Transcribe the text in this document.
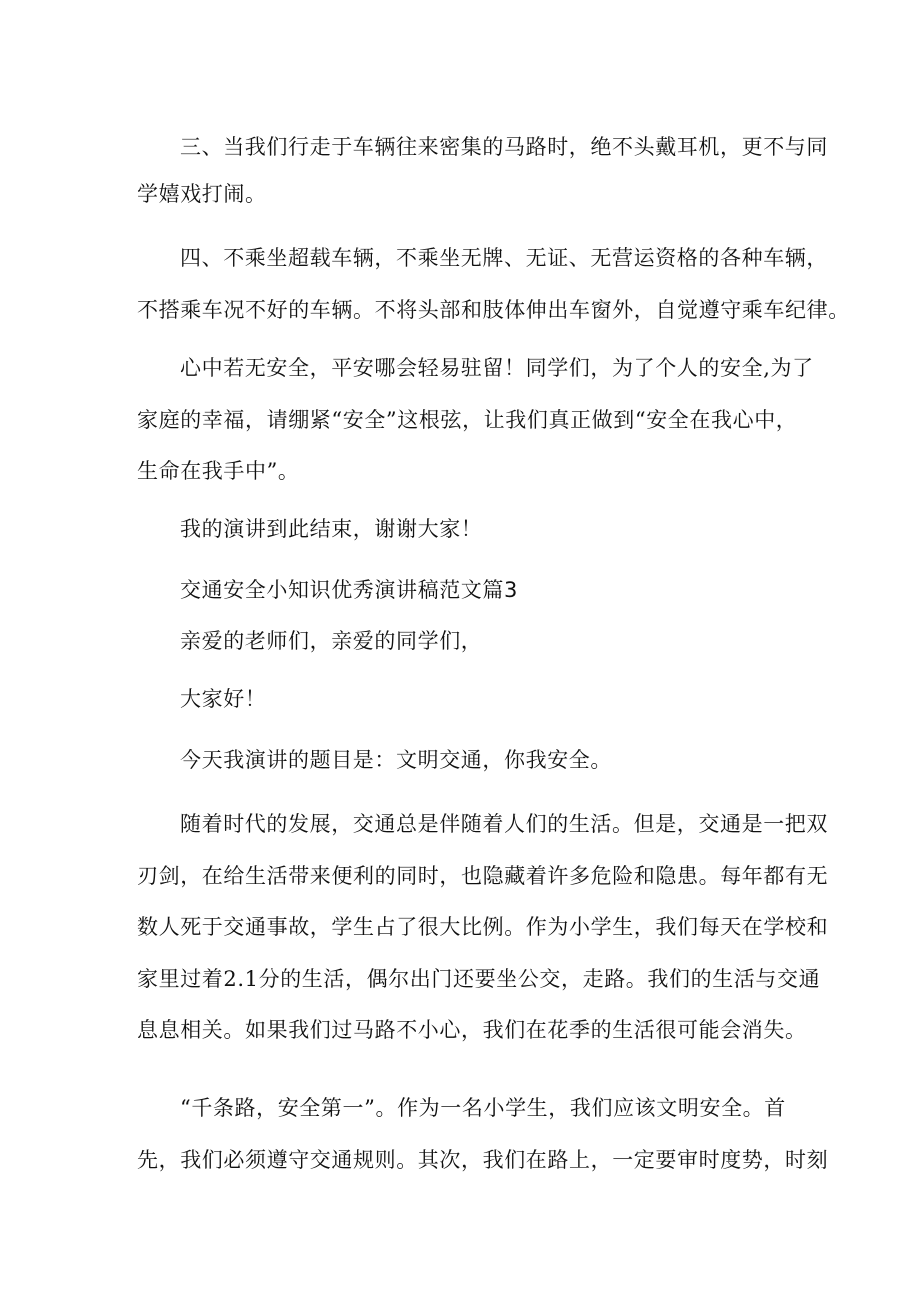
三、当我们行走于车辆往来密集的马路时，绝不头戴耳机，更不与同

学嬉戏打闹。

四、不乘坐超载车辆，不乘坐无牌、无证、无营运资格的各种车辆，

不搭乘车况不好的车辆。不将头部和肢体伸出车窗外，自觉遵守乘车纪律。

心中若无安全，平安哪会轻易驻留！同学们，为了个人的安全,为了

家庭的幸福，请绷紧“安全”这根弦，让我们真正做到“安全在我心中，

生命在我手中”。

我的演讲到此结束，谢谢大家！

交通安全小知识优秀演讲稿范文篇3

亲爱的老师们，亲爱的同学们，

大家好！

今天我演讲的题目是：文明交通，你我安全。

随着时代的发展，交通总是伴随着人们的生活。但是，交通是一把双

刃剑，在给生活带来便利的同时，也隐藏着许多危险和隐患。每年都有无

数人死于交通事故，学生占了很大比例。作为小学生，我们每天在学校和

家里过着2.1分的生活，偶尔出门还要坐公交，走路。我们的生活与交通

息息相关。如果我们过马路不小心，我们在花季的生活很可能会消失。

“千条路，安全第一”。作为一名小学生，我们应该文明安全。首

先，我们必须遵守交通规则。其次，我们在路上，一定要审时度势，时刻
